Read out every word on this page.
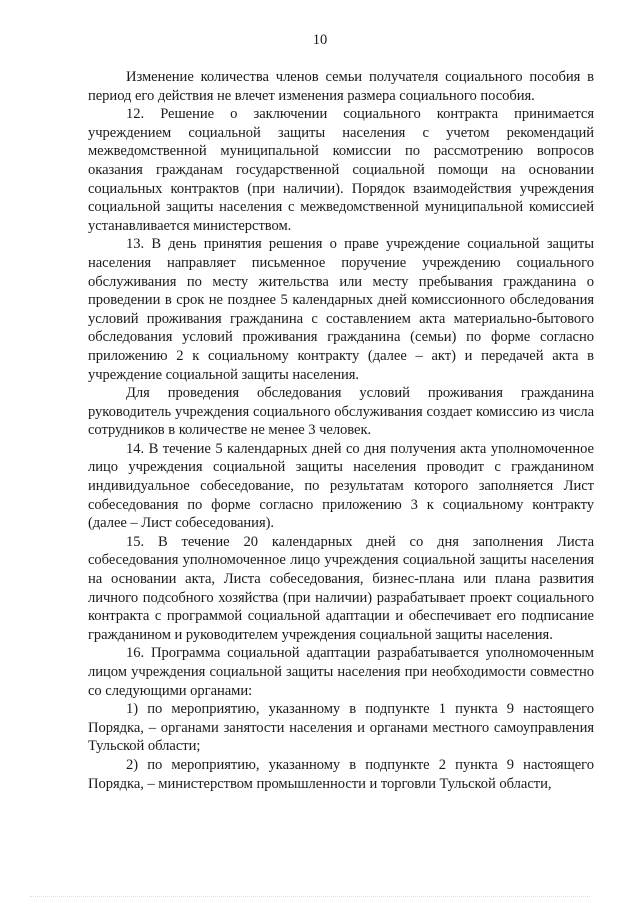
10

Изменение количества членов семьи получателя социального пособия в период его действия не влечет изменения размера социального пособия.

12. Решение о заключении социального контракта принимается учреждением социальной защиты населения с учетом рекомендаций межведомственной муниципальной комиссии по рассмотрению вопросов оказания гражданам государственной социальной помощи на основании социальных контрактов (при наличии). Порядок взаимодействия учреждения социальной защиты населения с межведомственной муниципальной комиссией устанавливается министерством.

13. В день принятия решения о праве учреждение социальной защиты населения направляет письменное поручение учреждению социального обслуживания по месту жительства или месту пребывания гражданина о проведении в срок не позднее 5 календарных дней комиссионного обследования условий проживания гражданина с составлением акта материально-бытового обследования условий проживания гражданина (семьи) по форме согласно приложению 2 к социальному контракту (далее – акт) и передачей акта в учреждение социальной защиты населения.

Для проведения обследования условий проживания гражданина руководитель учреждения социального обслуживания создает комиссию из числа сотрудников в количестве не менее 3 человек.

14. В течение 5 календарных дней со дня получения акта уполномоченное лицо учреждения социальной защиты населения проводит с гражданином индивидуальное собеседование, по результатам которого заполняется Лист собеседования по форме согласно приложению 3 к социальному контракту (далее – Лист собеседования).

15. В течение 20 календарных дней со дня заполнения Листа собеседования уполномоченное лицо учреждения социальной защиты населения на основании акта, Листа собеседования, бизнес-плана или плана развития личного подсобного хозяйства (при наличии) разрабатывает проект социального контракта с программой социальной адаптации и обеспечивает его подписание гражданином и руководителем учреждения социальной защиты населения.

16. Программа социальной адаптации разрабатывается уполномоченным лицом учреждения социальной защиты населения при необходимости совместно со следующими органами:

1) по мероприятию, указанному в подпункте 1 пункта 9 настоящего Порядка, – органами занятости населения и органами местного самоуправления Тульской области;

2) по мероприятию, указанному в подпункте 2 пункта 9 настоящего Порядка, – министерством промышленности и торговли Тульской области,
